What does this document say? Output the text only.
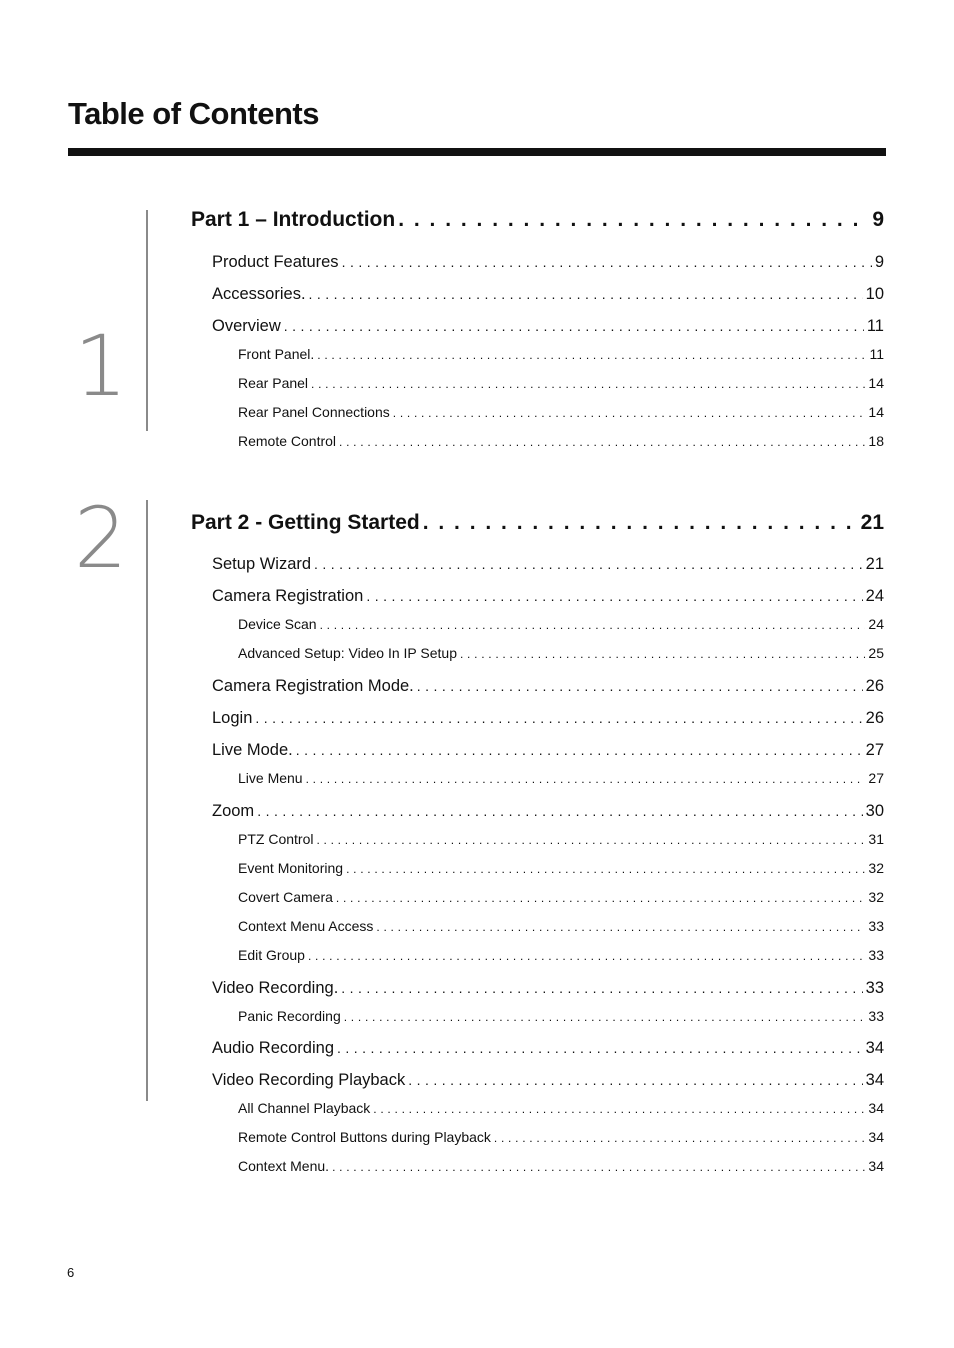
Table of Contents
1
Part 1 – Introduction . . .	9
Product Features . . .	9
Accessories. . . .	10
Overview . . .	11
Front Panel. . . .	11
Rear Panel . . .	14
Rear Panel Connections . . .	14
Remote Control . . .	18
2	Part 2 - Getting Started . . .	21
Setup Wizard . . .	21
Camera Registration . . .	24
Device Scan . . .	24
Advanced Setup: Video In IP Setup . . .	25
Camera Registration Mode. . . .	26
Login . . .	26
Live Mode. . . .	27
Live Menu . . .	27
Zoom . . .	30
PTZ Control . . .	31
Event Monitoring . . .	32
Covert Camera . . .	32
Context Menu Access . . .	33
Edit Group . . .	33
Video Recording. . . .	33
Panic Recording . . .	33
Audio Recording . . .	34
Video Recording Playback . . .	34
All Channel Playback . . .	34
Remote Control Buttons during Playback . . .	34
Context Menu. . . .	34
6
